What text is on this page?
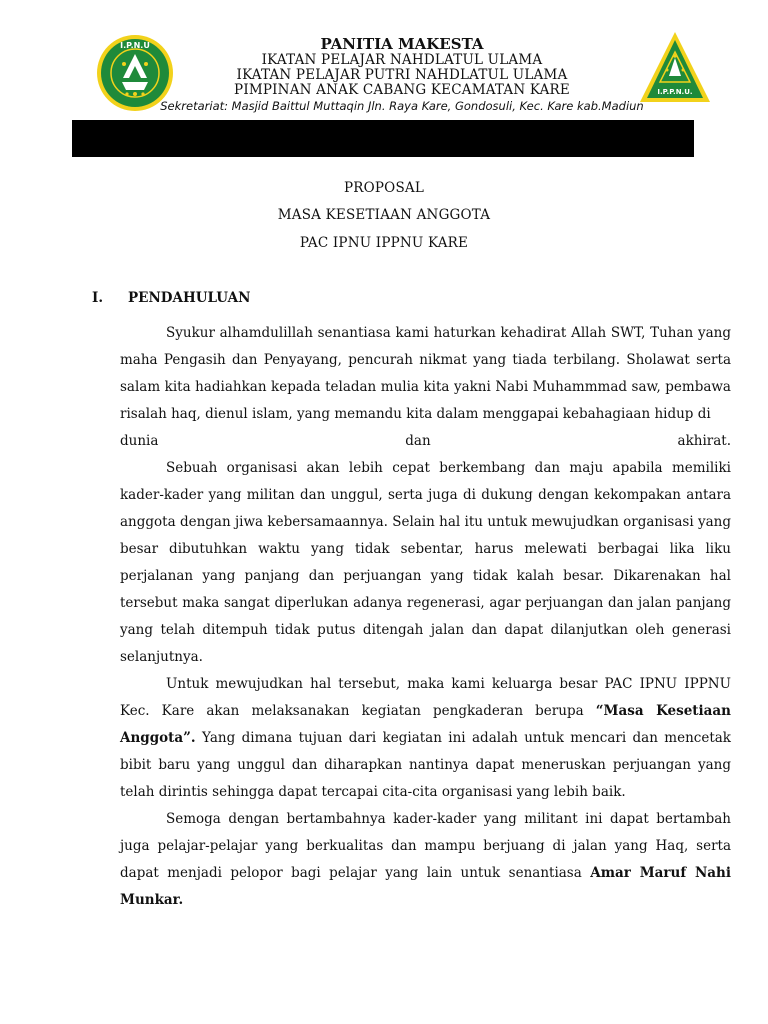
I.P.N.U
I.P.P.N.U.
PANITIA MAKESTA
IKATAN PELAJAR NAHDLATUL ULAMA
IKATAN PELAJAR PUTRI NAHDLATUL ULAMA
PIMPINAN ANAK CABANG KECAMATAN KARE
Sekretariat: Masjid Baittul Muttaqin Jln. Raya Kare, Gondosuli, Kec. Kare kab.Madiun
PROPOSAL
MASA KESETIAAN ANGGOTA
PAC IPNU IPPNU KARE
I. PENDAHULUAN

Syukur alhamdulillah senantiasa kami haturkan kehadirat Allah SWT, Tuhan yang maha Pengasih dan Penyayang, pencurah nikmat yang tiada terbilang. Sholawat serta salam kita hadiahkan kepada teladan mulia kita yakni Nabi Muhammmad saw, pembawa risalah haq, dienul islam, yang memandu kita dalam menggapai kebahagiaan hidup di

dunia dan akhirat.

Sebuah organisasi akan lebih cepat berkembang dan maju apabila memiliki kader-kader yang militan dan unggul, serta juga di dukung dengan kekompakan antara anggota dengan jiwa kebersamaannya. Selain hal itu untuk mewujudkan organisasi yang besar dibutuhkan waktu yang tidak sebentar, harus melewati berbagai lika liku perjalanan yang panjang dan perjuangan yang tidak kalah besar. Dikarenakan hal tersebut maka sangat diperlukan adanya regenerasi, agar perjuangan dan jalan panjang yang telah ditempuh tidak putus ditengah jalan dan dapat dilanjutkan oleh generasi selanjutnya.

Untuk mewujudkan hal tersebut, maka kami keluarga besar PAC IPNU IPPNU Kec. Kare akan melaksanakan kegiatan pengkaderan berupa “Masa Kesetiaan Anggota”. Yang dimana tujuan dari kegiatan ini adalah untuk mencari dan mencetak bibit baru yang unggul dan diharapkan nantinya dapat meneruskan perjuangan yang telah dirintis sehingga dapat tercapai cita-cita organisasi yang lebih baik.

Semoga dengan bertambahnya kader-kader yang militant ini dapat bertambah juga pelajar-pelajar yang berkualitas dan mampu berjuang di jalan yang Haq, serta dapat menjadi pelopor bagi pelajar yang lain untuk senantiasa Amar Maruf Nahi Munkar.
